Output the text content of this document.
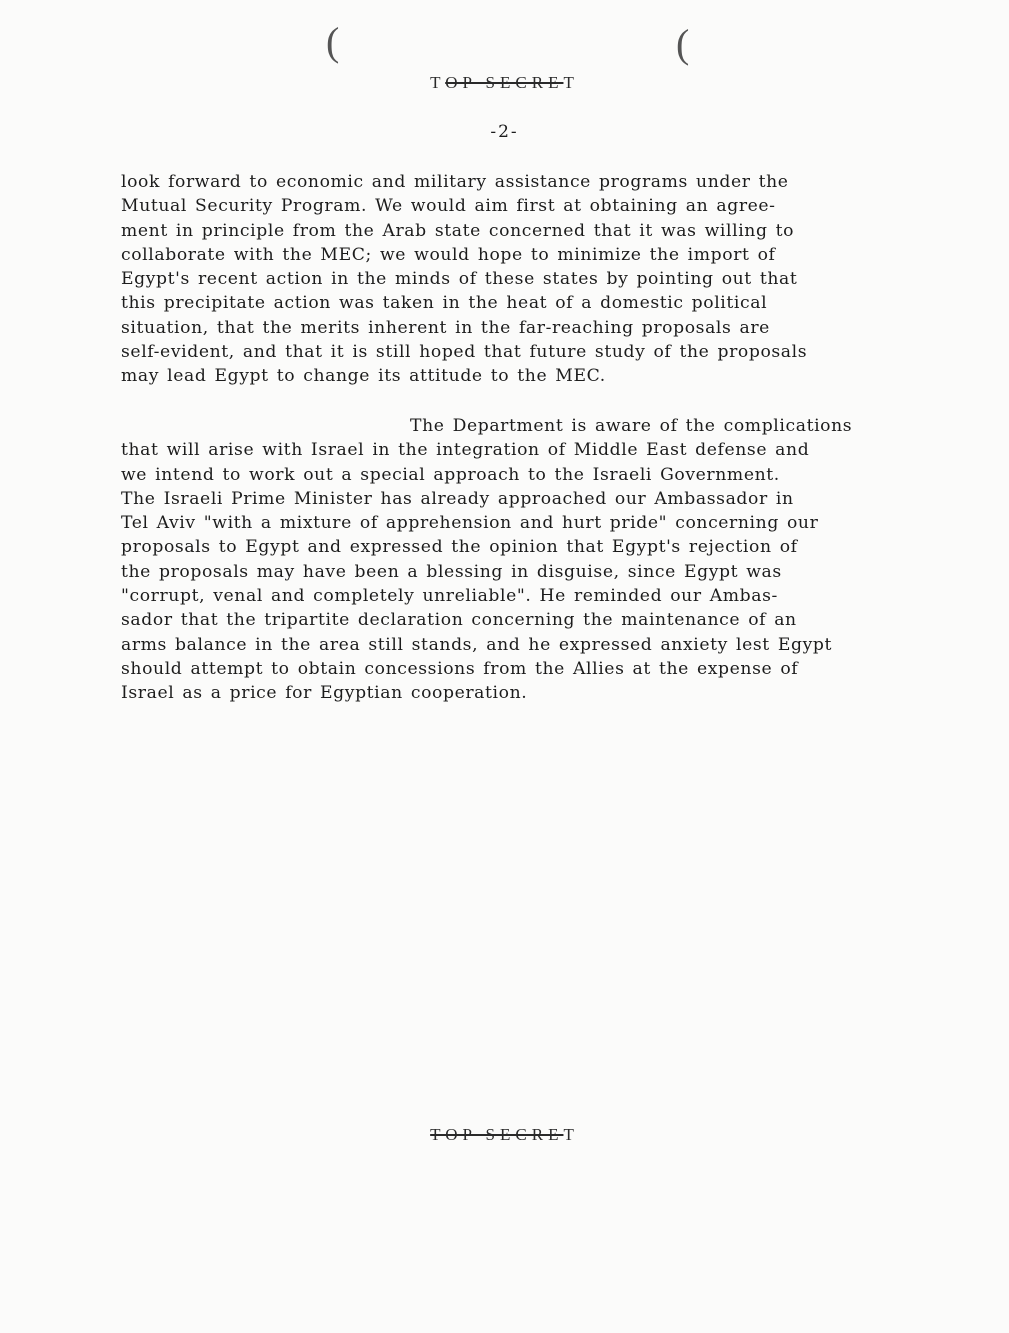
(	(
TOP SECRET
-2-

look forward to economic and military assistance programs under the
Mutual Security Program. We would aim first at obtaining an agree-
ment in principle from the Arab state concerned that it was willing to
collaborate with the MEC; we would hope to minimize the import of
Egypt's recent action in the minds of these states by pointing out that
this precipitate action was taken in the heat of a domestic political
situation, that the merits inherent in the far-reaching proposals are
self-evident, and that it is still hoped that future study of the proposals
may lead Egypt to change its attitude to the MEC.

The Department is aware of the complications
that will arise with Israel in the integration of Middle East defense and
we intend to work out a special approach to the Israeli Government.
The Israeli Prime Minister has already approached our Ambassador in
Tel Aviv "with a mixture of apprehension and hurt pride" concerning our
proposals to Egypt and expressed the opinion that Egypt's rejection of
the proposals may have been a blessing in disguise, since Egypt was
"corrupt, venal and completely unreliable". He reminded our Ambas-
sador that the tripartite declaration concerning the maintenance of an
arms balance in the area still stands, and he expressed anxiety lest Egypt
should attempt to obtain concessions from the Allies at the expense of
Israel as a price for Egyptian cooperation.

TOP SECRET
